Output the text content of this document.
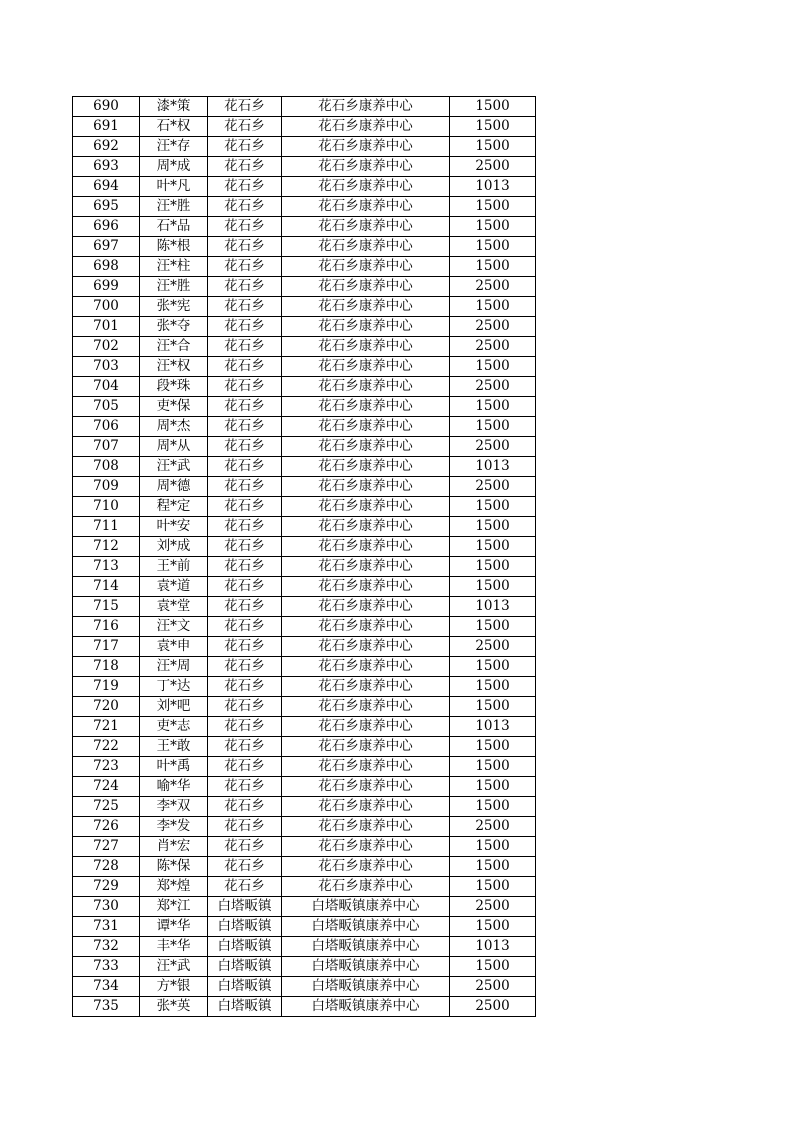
690	漆*策	花石乡	花石乡康养中心	1500
691	石*权	花石乡	花石乡康养中心	1500
692	汪*存	花石乡	花石乡康养中心	1500
693	周*成	花石乡	花石乡康养中心	2500
694	叶*凡	花石乡	花石乡康养中心	1013
695	汪*胜	花石乡	花石乡康养中心	1500
696	石*品	花石乡	花石乡康养中心	1500
697	陈*根	花石乡	花石乡康养中心	1500
698	汪*柱	花石乡	花石乡康养中心	1500
699	汪*胜	花石乡	花石乡康养中心	2500
700	张*宪	花石乡	花石乡康养中心	1500
701	张*夺	花石乡	花石乡康养中心	2500
702	汪*合	花石乡	花石乡康养中心	2500
703	汪*权	花石乡	花石乡康养中心	1500
704	段*珠	花石乡	花石乡康养中心	2500
705	吏*保	花石乡	花石乡康养中心	1500
706	周*杰	花石乡	花石乡康养中心	1500
707	周*从	花石乡	花石乡康养中心	2500
708	汪*武	花石乡	花石乡康养中心	1013
709	周*德	花石乡	花石乡康养中心	2500
710	程*定	花石乡	花石乡康养中心	1500
711	叶*安	花石乡	花石乡康养中心	1500
712	刘*成	花石乡	花石乡康养中心	1500
713	王*前	花石乡	花石乡康养中心	1500
714	袁*道	花石乡	花石乡康养中心	1500
715	袁*堂	花石乡	花石乡康养中心	1013
716	汪*文	花石乡	花石乡康养中心	1500
717	袁*申	花石乡	花石乡康养中心	2500
718	汪*周	花石乡	花石乡康养中心	1500
719	丁*达	花石乡	花石乡康养中心	1500
720	刘*吧	花石乡	花石乡康养中心	1500
721	吏*志	花石乡	花石乡康养中心	1013
722	王*敢	花石乡	花石乡康养中心	1500
723	叶*禹	花石乡	花石乡康养中心	1500
724	喻*华	花石乡	花石乡康养中心	1500
725	李*双	花石乡	花石乡康养中心	1500
726	李*发	花石乡	花石乡康养中心	2500
727	肖*宏	花石乡	花石乡康养中心	1500
728	陈*保	花石乡	花石乡康养中心	1500
729	郑*煌	花石乡	花石乡康养中心	1500
730	郑*江	白塔畈镇	白塔畈镇康养中心	2500
731	谭*华	白塔畈镇	白塔畈镇康养中心	1500
732	丰*华	白塔畈镇	白塔畈镇康养中心	1013
733	汪*武	白塔畈镇	白塔畈镇康养中心	1500
734	方*银	白塔畈镇	白塔畈镇康养中心	2500
735	张*英	白塔畈镇	白塔畈镇康养中心	2500
